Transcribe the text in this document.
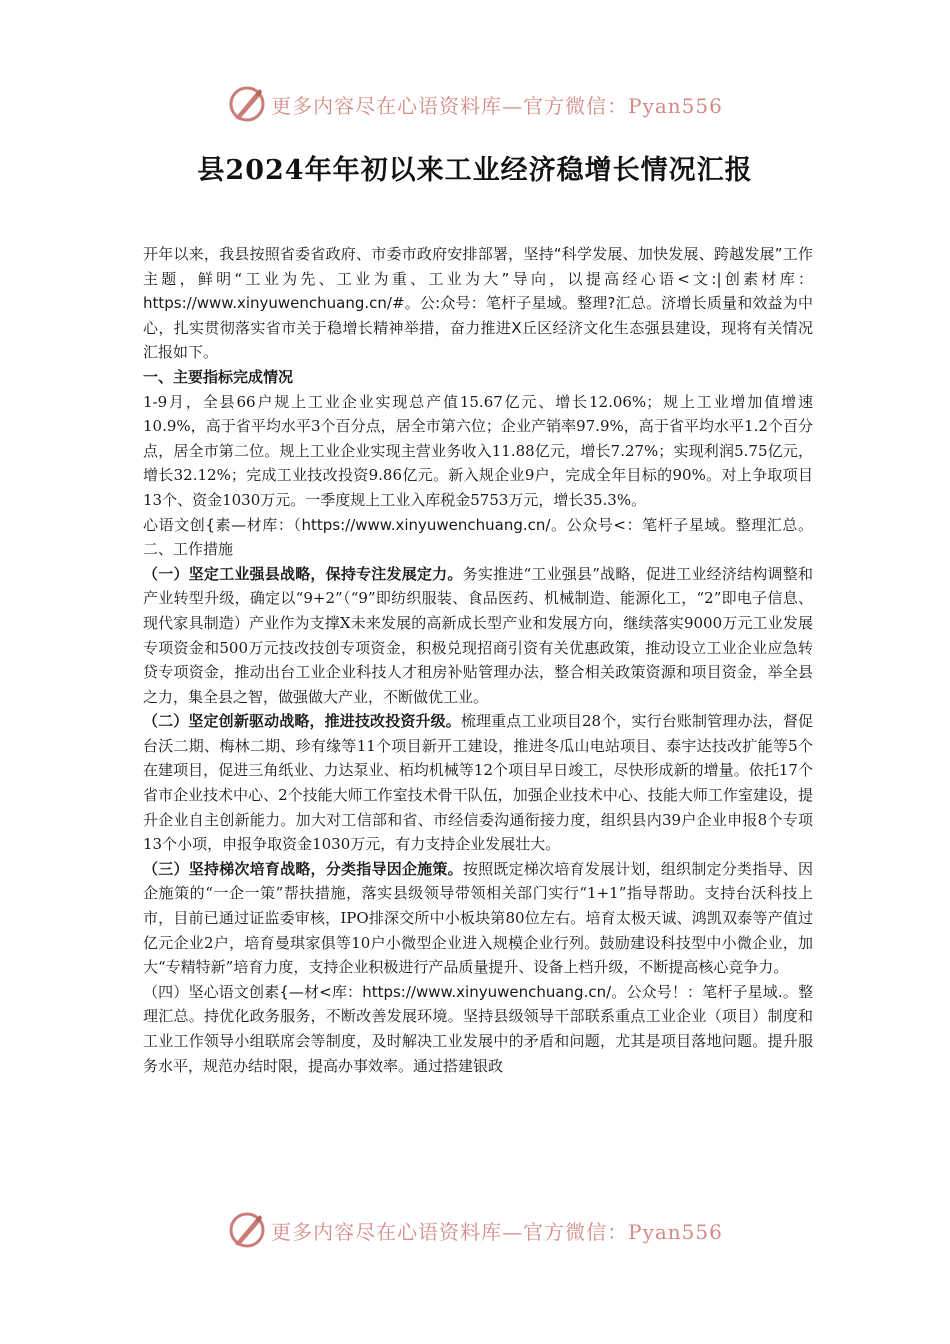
更多内容尽在心语资料库—官方微信：Pyan556
县2024年年初以来工业经济稳增长情况汇报

开年以来，我县按照省委省政府、市委市政府安排部署，坚持“科学发展、加快发展、跨越发展”工作主题，鲜明“工业为先、工业为重、工业为大”导向，以提高经心语<文:|创素材库：https://www.xinyuwenchuang.cn/#。公:众号：笔杆子星域。整理?汇总。济增长质量和效益为中心，扎实贯彻落实省市关于稳增长精神举措，奋力推进X丘区经济文化生态强县建设，现将有关情况汇报如下。

一、主要指标完成情况

1-9月，全县66户规上工业企业实现总产值15.67亿元、增长12.06%；规上工业增加值增速10.9%，高于省平均水平3个百分点，居全市第六位；企业产销率97.9%，高于省平均水平1.2个百分点，居全市第二位。规上工业企业实现主营业务收入11.88亿元，增长7.27%；实现利润5.75亿元，增长32.12%；完成工业技改投资9.86亿元。新入规企业9户，完成全年目标的90%。对上争取项目13个、资金1030万元。一季度规上工业入库税金5753万元，增长35.3%。

心语文创{素—材库：（https://www.xinyuwenchuang.cn/。公众号<：笔杆子星域。整理汇总。二、工作措施

（一）坚定工业强县战略，保持专注发展定力。务实推进“工业强县”战略，促进工业经济结构调整和产业转型升级，确定以“9+2”（“9”即纺织服装、食品医药、机械制造、能源化工，“2”即电子信息、现代家具制造）产业作为支撑X未来发展的高新成长型产业和发展方向，继续落实9000万元工业发展专项资金和500万元技改技创专项资金，积极兑现招商引资有关优惠政策，推动设立工业企业应急转贷专项资金，推动出台工业企业科技人才租房补贴管理办法，整合相关政策资源和项目资金，举全县之力，集全县之智，做强做大产业，不断做优工业。

（二）坚定创新驱动战略，推进技改投资升级。梳理重点工业项目28个，实行台账制管理办法，督促台沃二期、梅林二期、珍有缘等11个项目新开工建设，推进冬瓜山电站项目、泰宇达技改扩能等5个在建项目，促进三角纸业、力达泵业、栢均机械等12个项目早日竣工，尽快形成新的增量。依托17个省市企业技术中心、2个技能大师工作室技术骨干队伍，加强企业技术中心、技能大师工作室建设，提升企业自主创新能力。加大对工信部和省、市经信委沟通衔接力度，组织县内39户企业申报8个专项13个小项，申报争取资金1030万元，有力支持企业发展壮大。

（三）坚持梯次培育战略，分类指导因企施策。按照既定梯次培育发展计划，组织制定分类指导、因企施策的“一企一策”帮扶措施，落实县级领导带领相关部门实行“1+1”指导帮助。支持台沃科技上市，目前已通过证监委审核，IPO排深交所中小板块第80位左右。培育太极天诚、鸿凯双泰等产值过亿元企业2户，培育曼琪家俱等10户小微型企业进入规模企业行列。鼓励建设科技型中小微企业，加大“专精特新”培育力度，支持企业积极进行产品质量提升、设备上档升级，不断提高核心竞争力。

（四）坚心语文创素{—材<库：https://www.xinyuwenchuang.cn/。公众号！：笔杆子星域.。整理汇总。持优化政务服务，不断改善发展环境。坚持县级领导干部联系重点工业企业（项目）制度和工业工作领导小组联席会等制度，及时解决工业发展中的矛盾和问题，尤其是项目落地问题。提升服务水平，规范办结时限，提高办事效率。通过搭建银政

更多内容尽在心语资料库—官方微信：Pyan556
